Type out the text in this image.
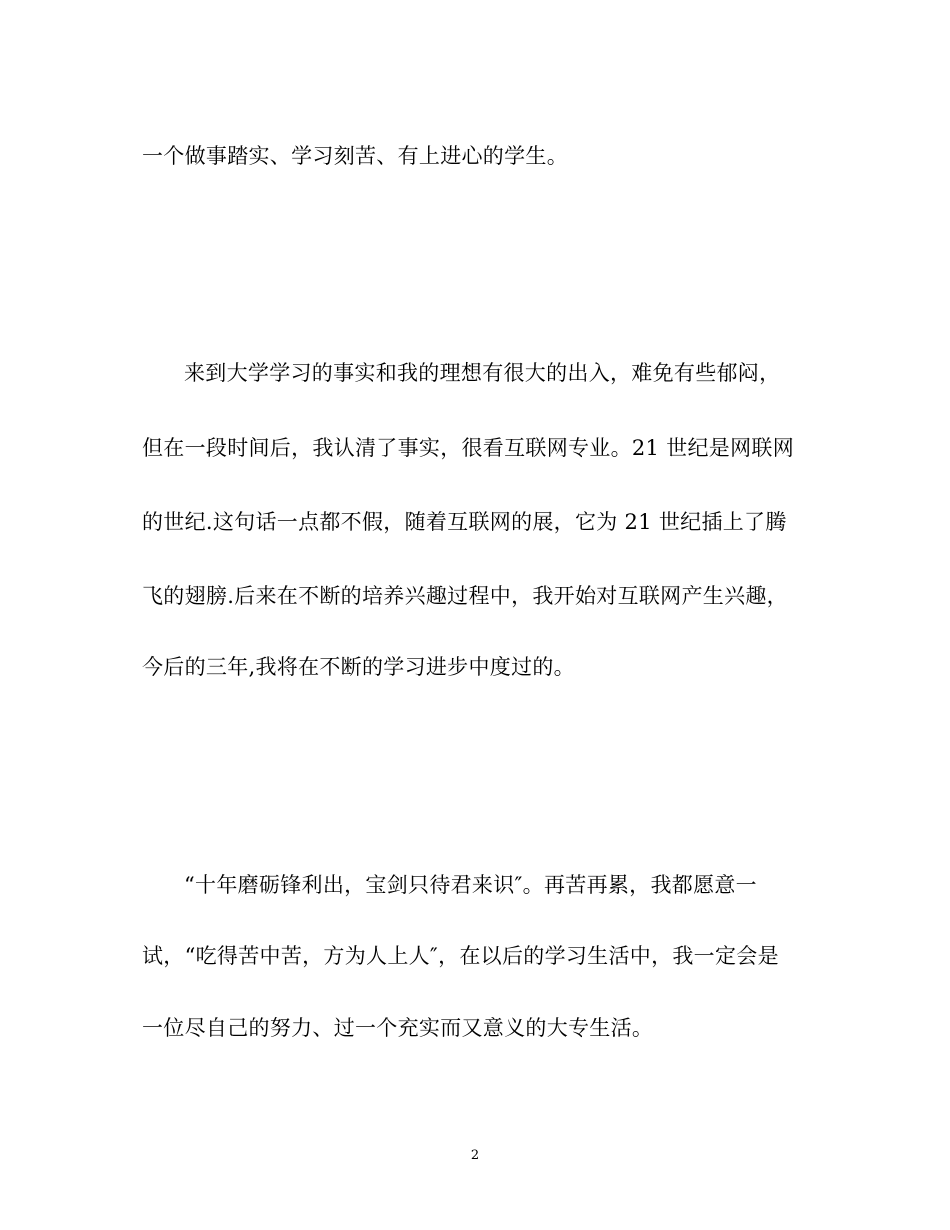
一个做事踏实、学习刻苦、有上进心的学生。
来到大学学习的事实和我的理想有很大的出入，难免有些郁闷，
但在一段时间后，我认清了事实，很看互联网专业。21 世纪是网联网
的世纪.这句话一点都不假，随着互联网的展，它为 21 世纪插上了腾
飞的翅膀.后来在不断的培养兴趣过程中，我开始对互联网产生兴趣，
今后的三年,我将在不断的学习进步中度过的。
“十年磨砺锋利出，宝剑只待君来识″。再苦再累，我都愿意一
试，“吃得苦中苦，方为人上人″，在以后的学习生活中，我一定会是
一位尽自己的努力、过一个充实而又意义的大专生活。
2
